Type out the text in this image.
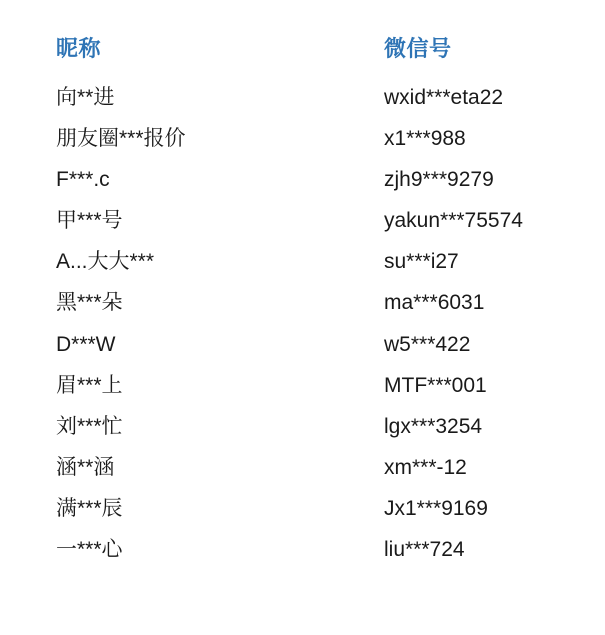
昵称	微信号
向**进	wxid***eta22
朋友圈***报价	x1***988
F***.c	zjh9***9279
甲***号	yakun***75574
A...大大***	su***i27
黑***朵	ma***6031
D***W	w5***422
眉***上	MTF***001
刘***忙	lgx***3254
涵**涵	xm***-12
满***辰	Jx1***9169
一***心	liu***724
